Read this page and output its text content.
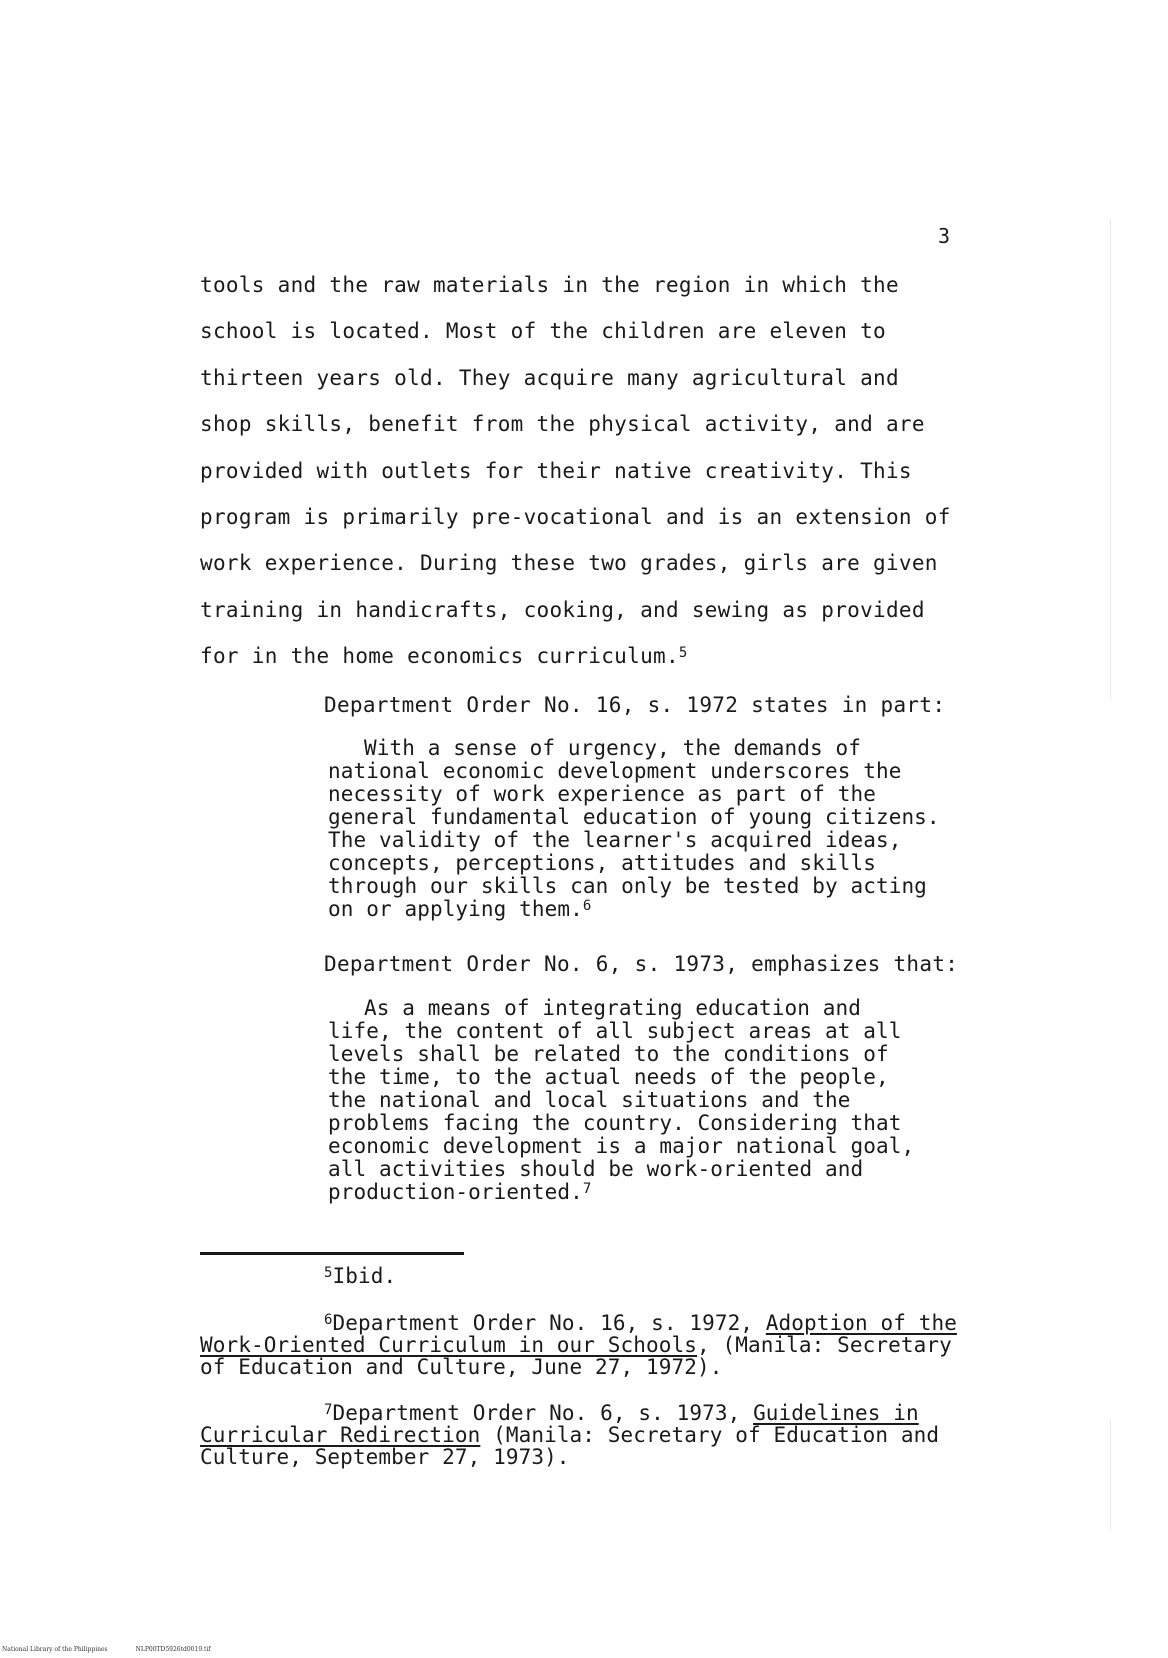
3
tools and the raw materials in the region in which the
school is located. Most of the children are eleven to
thirteen years old. They acquire many agricultural and
shop skills, benefit from the physical activity, and are
provided with outlets for their native creativity. This
program is primarily pre-vocational and is an extension of
work experience. During these two grades, girls are given
training in handicrafts, cooking, and sewing as provided
for in the home economics curriculum.$^5$
Department Order No. 16, s. 1972 states in part:
With a sense of urgency, the demands of
national economic development underscores the
necessity of work experience as part of the
general fundamental education of young citizens.
The validity of the learner's acquired ideas,
concepts, perceptions, attitudes and skills
through our skills can only be tested by acting
on or applying them.$^6$
Department Order No. 6, s. 1973, emphasizes that:
As a means of integrating education and
life, the content of all subject areas at all
levels shall be related to the conditions of
the time, to the actual needs of the people,
the national and local situations and the
problems facing the country. Considering that
economic development is a major national goal,
all activities should be work-oriented and
production-oriented.$^7$
$^5$Ibid.
$^6$Department Order No. 16, s. 1972, Adoption of the
Work-Oriented Curriculum in our Schools, (Manila: Secretary
of Education and Culture, June 27, 1972).
$^7$Department Order No. 6, s. 1973, Guidelines in
Curricular Redirection (Manila: Secretary of Education and
Culture, September 27, 1973).
National Library of the Philippines	NLP00TD5926td0019.tif
